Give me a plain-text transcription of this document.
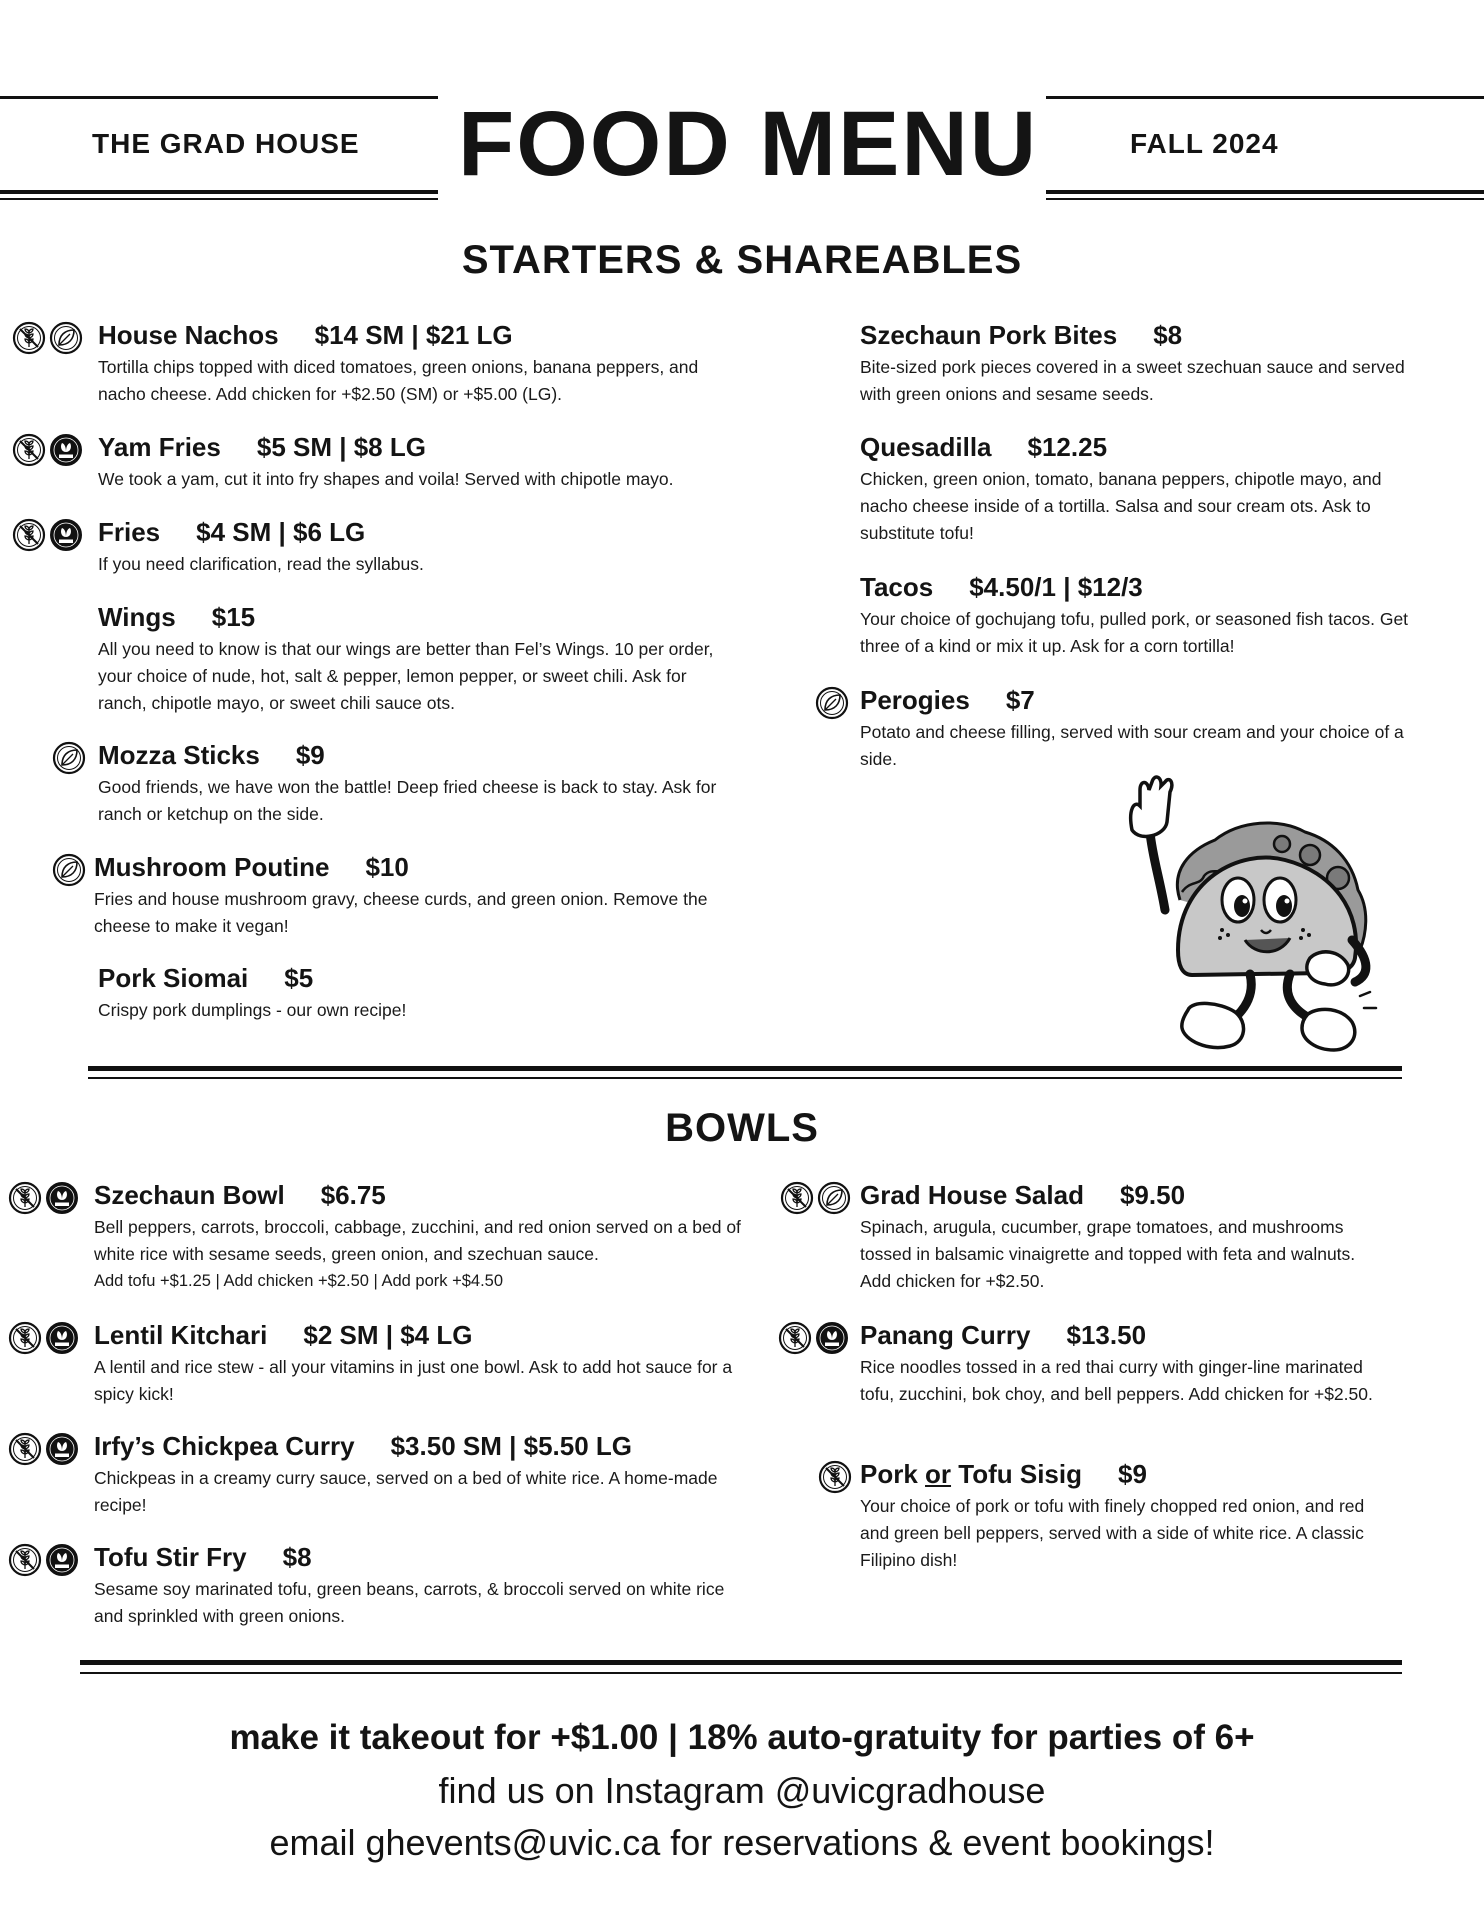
THE GRAD HOUSE FOOD MENU	FALL 2024
STARTERS & SHAREABLES
House Nachos $14 SM | $21 LG
Tortilla chips topped with diced tomatoes, green onions, banana peppers, and nacho cheese. Add chicken for +$2.50 (SM) or +$5.00 (LG).
Yam Fries $5 SM | $8 LG
We took a yam, cut it into fry shapes and voila! Served with chipotle mayo.
Fries $4 SM | $6 LG
If you need clarification, read the syllabus.
Wings $15
All you need to know is that our wings are better than Fel’s Wings. 10 per order, your choice of nude, hot, salt & pepper, lemon pepper, or sweet chili. Ask for ranch, chipotle mayo, or sweet chili sauce ots.
Mozza Sticks $9
Good friends, we have won the battle! Deep fried cheese is back to stay. Ask for ranch or ketchup on the side.
Mushroom Poutine $10
Fries and house mushroom gravy, cheese curds, and green onion. Remove the cheese to make it vegan!
Pork Siomai $5
Crispy pork dumplings - our own recipe!
Szechaun Pork Bites $8
Bite-sized pork pieces covered in a sweet szechuan sauce and served with green onions and sesame seeds.
Quesadilla $12.25
Chicken, green onion, tomato, banana peppers, chipotle mayo, and nacho cheese inside of a tortilla. Salsa and sour cream ots. Ask to substitute tofu!
Tacos $4.50/1 | $12/3
Your choice of gochujang tofu, pulled pork, or seasoned fish tacos. Get three of a kind or mix it up. Ask for a corn tortilla!
Perogies $7
Potato and cheese filling, served with sour cream and your choice of a side.
BOWLS
Szechaun Bowl $6.75
Bell peppers, carrots, broccoli, cabbage, zucchini, and red onion served on a bed of white rice with sesame seeds, green onion, and szechuan sauce.
Add tofu +$1.25 | Add chicken +$2.50 | Add pork +$4.50
Lentil Kitchari $2 SM | $4 LG
A lentil and rice stew - all your vitamins in just one bowl. Ask to add hot sauce for a spicy kick!
Irfy’s Chickpea Curry $3.50 SM | $5.50 LG
Chickpeas in a creamy curry sauce, served on a bed of white rice. A home-made recipe!
Tofu Stir Fry $8
Sesame soy marinated tofu, green beans, carrots, & broccoli served on white rice and sprinkled with green onions.
Grad House Salad $9.50
Spinach, arugula, cucumber, grape tomatoes, and mushrooms tossed in balsamic vinaigrette and topped with feta and walnuts. Add chicken for +$2.50.
Panang Curry $13.50
Rice noodles tossed in a red thai curry with ginger-line marinated tofu, zucchini, bok choy, and bell peppers. Add chicken for +$2.50.
Pork or Tofu Sisig $9
Your choice of pork or tofu with finely chopped red onion, and red and green bell peppers, served with a side of white rice. A classic Filipino dish!
make it takeout for +$1.00 | 18% auto-gratuity for parties of 6+
find us on Instagram @uvicgradhouse
email ghevents@uvic.ca for reservations & event bookings!
